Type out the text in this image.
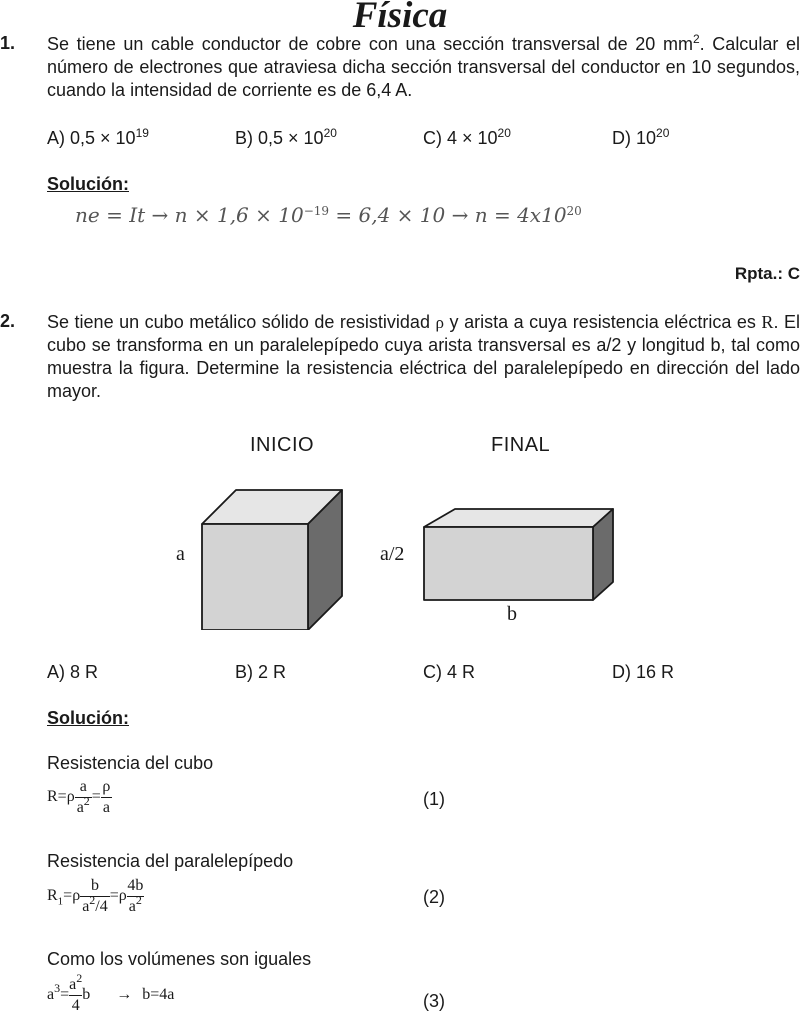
Física
1. Se tiene un cable conductor de cobre con una sección transversal de 20 $mm^2$. Calcular el número de electrones que atraviesa dicha sección transversal del conductor en 10 segundos, cuando la intensidad de corriente es de 6,4 A.
A) $0,5 \times 10^{19}$	B) $0,5 \times 10^{20}$	C) $4 \times 10^{20}$	D) $10^{20}$
Solución:
ne = $It \to n \times 1,6 \times 10^{-19} = 6,4 \times 10 \to n = 4x10^{20}$
Rpta.: C
2. Se tiene un cubo metálico sólido de resistividad ρ y arista a cuya resistencia eléctrica es R. El cubo se transforma en un paralelepípedo cuya arista transversal es a/2 y longitud b, tal como muestra la figura. Determine la resistencia eléctrica del paralelepípedo en dirección del lado mayor.
INICIO	FINAL
a	a/2
b
A) 8 R	B) 2 R	C) 4 R	D) 16 R
Solución:
Resistencia del cubo
$R=\rho \frac{a}{a^2} = \frac{\rho}{a}$	(1)
Resistencia del paralelepípedo
$R_1=\rho \frac{b}{a^2/4} =\rho \frac{4b}{a^2}$	(2)
Como los volúmenes son iguales
$a^3= \frac{a^2}{4}$ b → b=4a	(3)
